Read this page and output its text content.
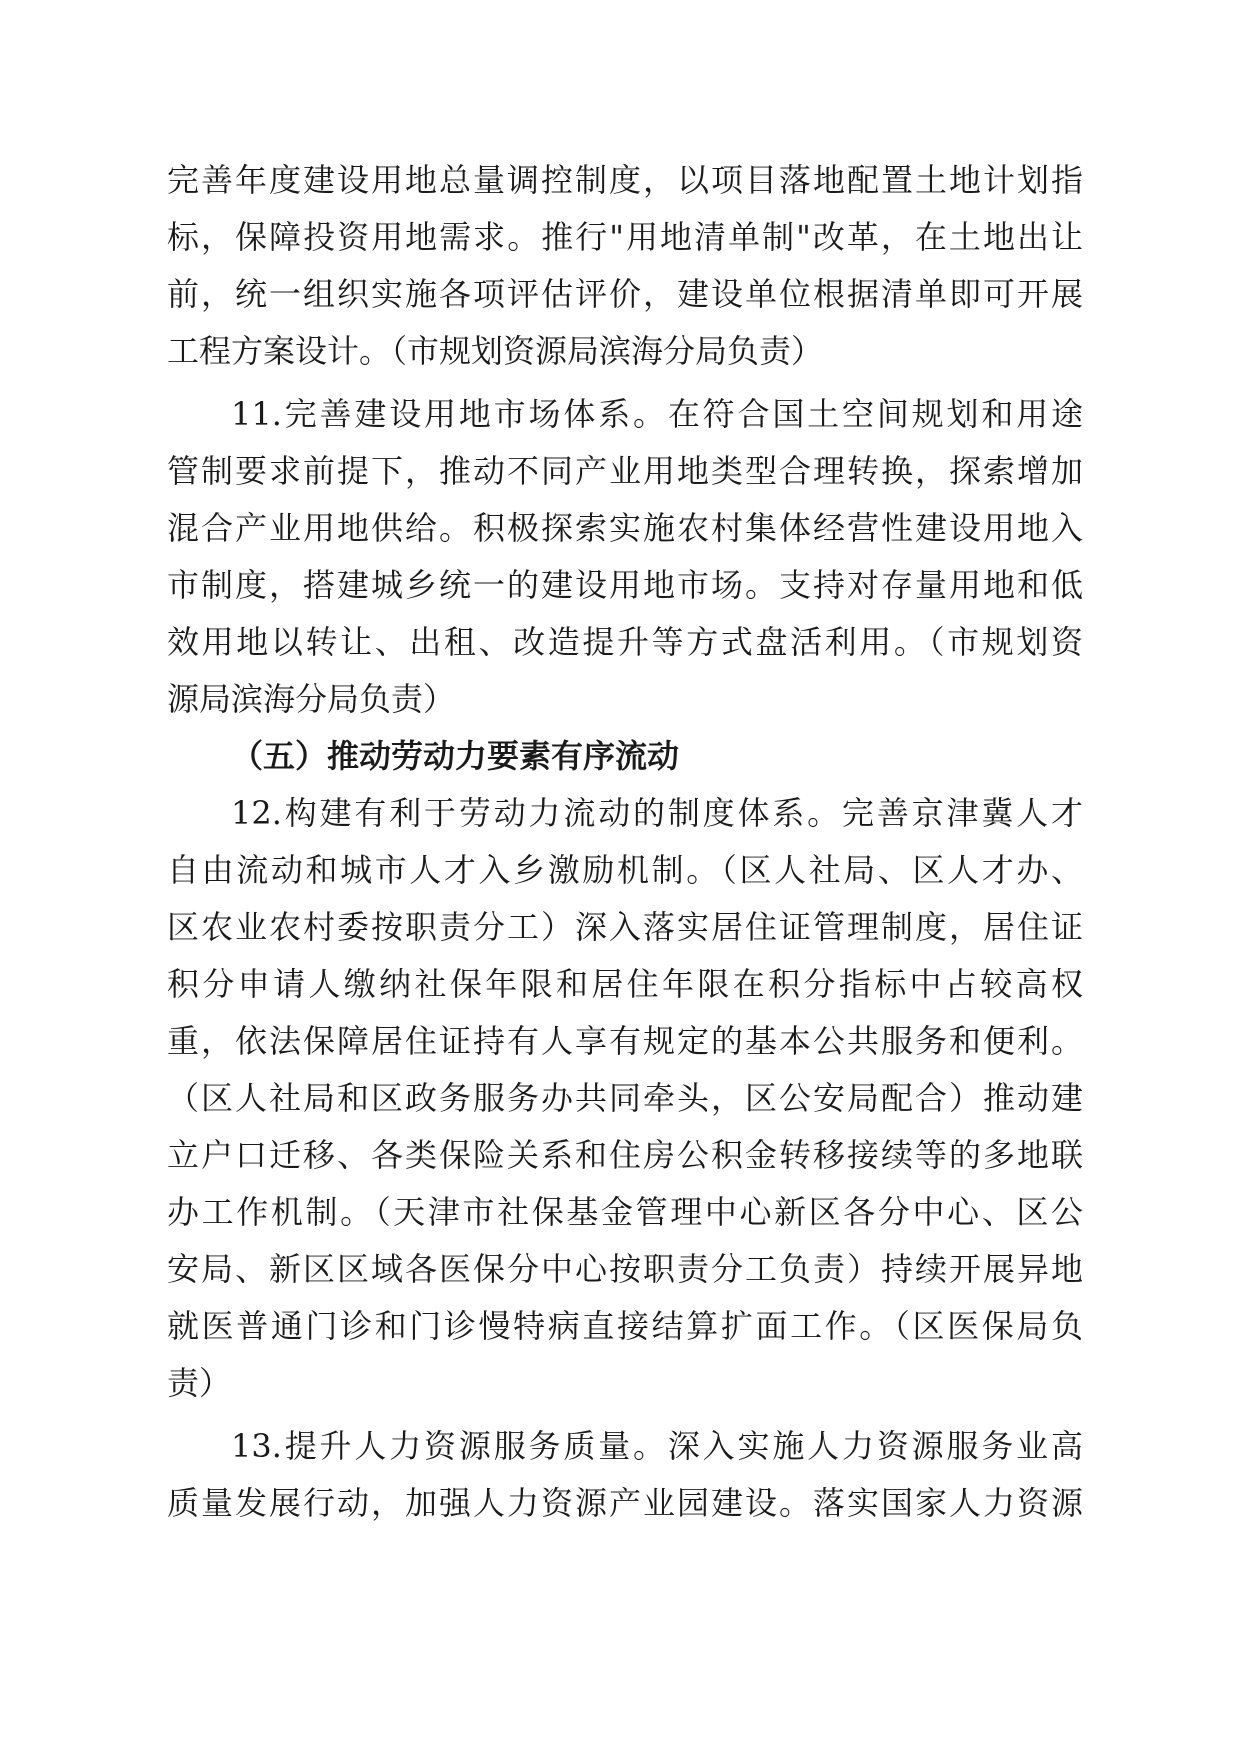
完善年度建设用地总量调控制度，以项目落地配置土地计划指
标，保障投资用地需求。推行"用地清单制"改革，在土地出让
前，统一组织实施各项评估评价，建设单位根据清单即可开展
工程方案设计。（市规划资源局滨海分局负责）
11.完善建设用地市场体系。在符合国土空间规划和用途
管制要求前提下，推动不同产业用地类型合理转换，探索增加
混合产业用地供给。积极探索实施农村集体经营性建设用地入
市制度，搭建城乡统一的建设用地市场。支持对存量用地和低
效用地以转让、出租、改造提升等方式盘活利用。（市规划资
源局滨海分局负责）
（五）推动劳动力要素有序流动
12.构建有利于劳动力流动的制度体系。完善京津冀人才
自由流动和城市人才入乡激励机制。（区人社局、区人才办、
区农业农村委按职责分工）深入落实居住证管理制度，居住证
积分申请人缴纳社保年限和居住年限在积分指标中占较高权
重，依法保障居住证持有人享有规定的基本公共服务和便利。
（区人社局和区政务服务办共同牵头，区公安局配合）推动建
立户口迁移、各类保险关系和住房公积金转移接续等的多地联
办工作机制。（天津市社保基金管理中心新区各分中心、区公
安局、新区区域各医保分中心按职责分工负责）持续开展异地
就医普通门诊和门诊慢特病直接结算扩面工作。（区医保局负
责）
13.提升人力资源服务质量。深入实施人力资源服务业高
质量发展行动，加强人力资源产业园建设。落实国家人力资源
